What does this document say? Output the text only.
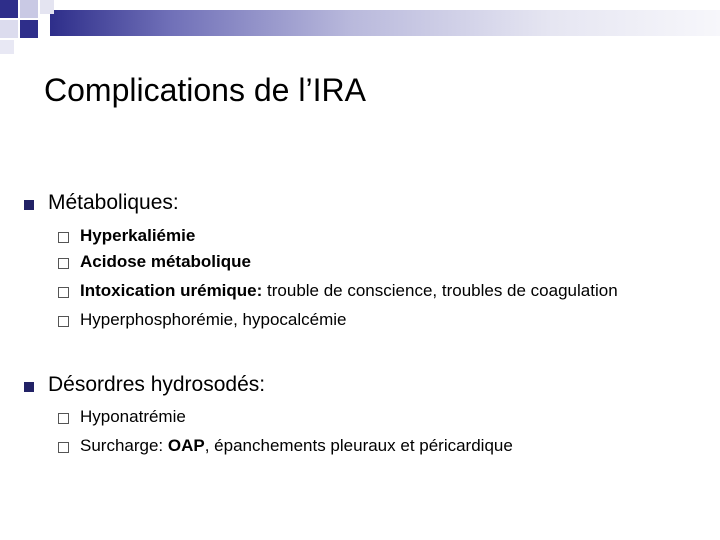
Complications de l’IRA
Métaboliques:
Hyperkaliémie
Acidose métabolique
Intoxication urémique: trouble de conscience, troubles de coagulation
Hyperphosphorémie, hypocalcémie
Désordres hydrosodés:
Hyponatrémie
Surcharge: OAP, épanchements pleuraux et péricardique
